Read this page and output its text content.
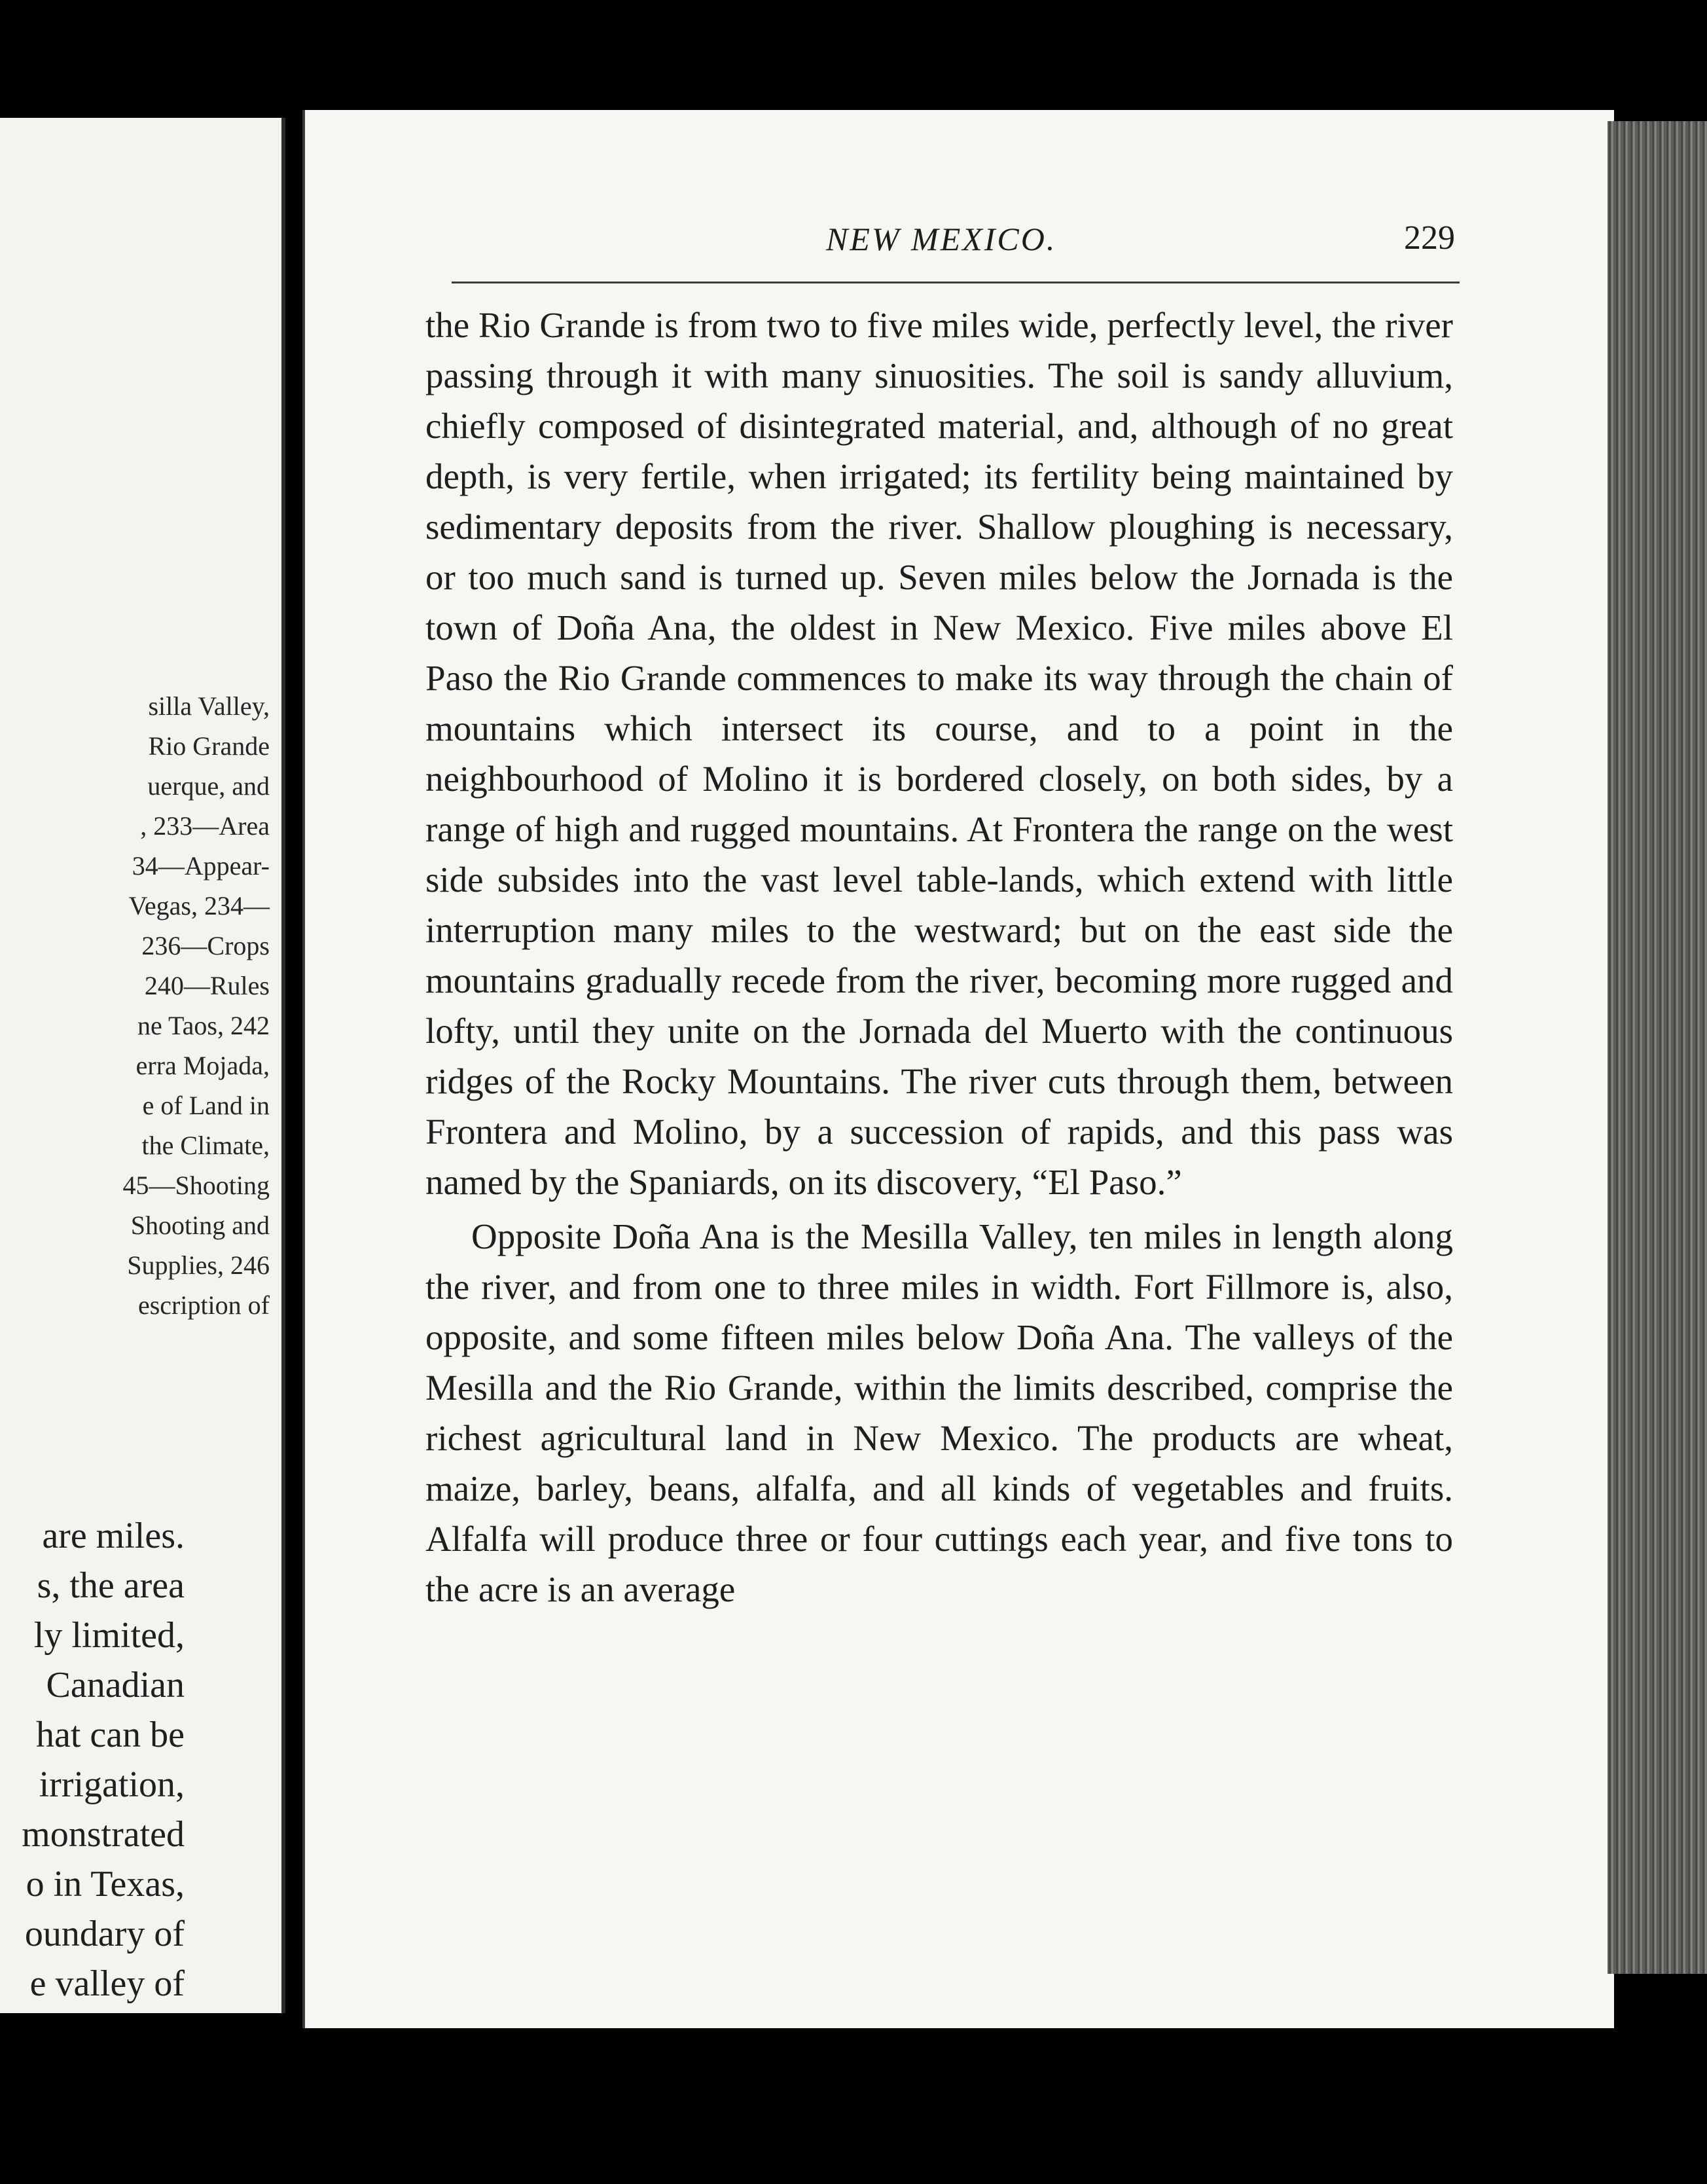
silla Valley,
Rio Grande
uerque, and
, 233—Area
34—Appear-
Vegas, 234—
236—Crops
240—Rules
ne Taos, 242
erra Mojada,
e of Land in
the Climate,
45—Shooting
Shooting and
Supplies, 246
escription of
are miles.
s, the area
ly limited,
Canadian
hat can be
irrigation,
monstrated
o in Texas,
oundary of
e valley of
NEW MEXICO.	229

the Rio Grande is from two to five miles wide, perfectly level, the river passing through it with many sinuosities. The soil is sandy alluvium, chiefly composed of disintegrated material, and, although of no great depth, is very fertile, when irrigated; its fertility being maintained by sedimentary deposits from the river. Shallow ploughing is necessary, or too much sand is turned up. Seven miles below the Jornada is the town of Doña Ana, the oldest in New Mexico. Five miles above El Paso the Rio Grande commences to make its way through the chain of mountains which intersect its course, and to a point in the neighbourhood of Molino it is bordered closely, on both sides, by a range of high and rugged mountains. At Frontera the range on the west side subsides into the vast level table-lands, which extend with little interruption many miles to the westward; but on the east side the mountains gradually recede from the river, becoming more rugged and lofty, until they unite on the Jornada del Muerto with the continuous ridges of the Rocky Mountains. The river cuts through them, between Frontera and Molino, by a succession of rapids, and this pass was named by the Spaniards, on its discovery, “El Paso.”

Opposite Doña Ana is the Mesilla Valley, ten miles in length along the river, and from one to three miles in width. Fort Fillmore is, also, opposite, and some fifteen miles below Doña Ana. The valleys of the Mesilla and the Rio Grande, within the limits described, comprise the richest agricultural land in New Mexico. The products are wheat, maize, barley, beans, alfalfa, and all kinds of vegetables and fruits. Alfalfa will produce three or four cuttings each year, and five tons to the acre is an average
